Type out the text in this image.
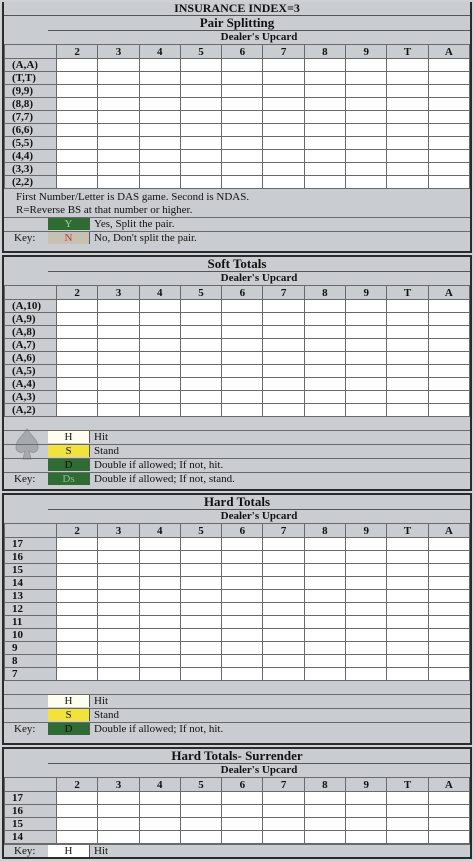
INSURANCE INDEX=3
Pair Splitting
Dealer's Upcard
	2	3	4	5	6	7	8	9	T	A
(A,A)										
(T,T)										
(9,9)										
(8,8)										
(7,7)										
(6,6)										
(5,5)										
(4,4)										
(3,3)										
(2,2)										
First Number/Letter is DAS game. Second is NDAS.
R=Reverse BS at that number or higher.
Y	Yes, Split the pair.
Key:	N	No, Don't split the pair.
Soft Totals
Dealer's Upcard
	2	3	4	5	6	7	8	9	T	A
(A,10)										
(A,9)										
(A,8)										
(A,7)										
(A,6)										
(A,5)										
(A,4)										
(A,3)										
(A,2)										
H	Hit
S	Stand
D	Double if allowed; If not, hit.
Key:	Ds	Double if allowed; If not, stand.
Hard Totals
Dealer's Upcard
	2	3	4	5	6	7	8	9	T	A
17										
16										
15										
14										
13										
12										
11										
10										
9										
8										
7										
H	Hit
S	Stand
Key:	D	Double if allowed; If not, hit.
Hard Totals- Surrender
Dealer's Upcard
	2	3	4	5	6	7	8	9	T	A
17										
16										
15										
14										
Key:	H	Hit
